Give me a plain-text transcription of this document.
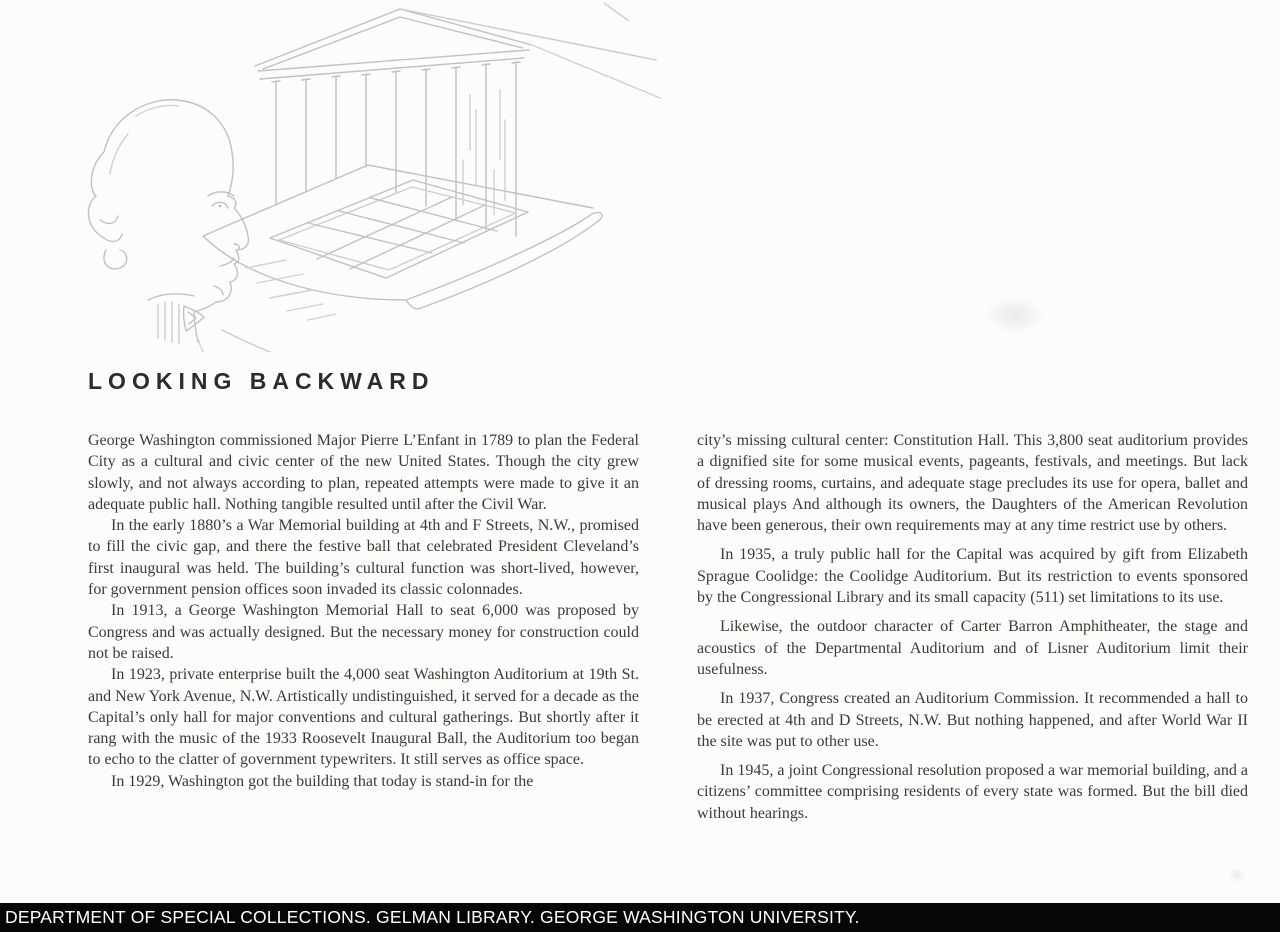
LOOKING BACKWARD

George Washington commissioned Major Pierre L’Enfant in 1789 to plan the Federal City as a cultural and civic center of the new United States. Though the city grew slowly, and not always according to plan, repeated attempts were made to give it an adequate public hall. Nothing tangible resulted until after the Civil War.

In the early 1880’s a War Memorial building at 4th and F Streets, N.W., promised to fill the civic gap, and there the festive ball that celebrated President Cleveland’s first inaugural was held. The building’s cultural function was short-lived, however, for government pension offices soon invaded its classic colonnades.

In 1913, a George Washington Memorial Hall to seat 6,000 was proposed by Congress and was actually designed. But the necessary money for construction could not be raised.

In 1923, private enterprise built the 4,000 seat Washington Auditorium at 19th St. and New York Avenue, N.W. Artistically undistinguished, it served for a decade as the Capital’s only hall for major conventions and cultural gatherings. But shortly after it rang with the music of the 1933 Roosevelt Inaugural Ball, the Auditorium too began to echo to the clatter of government typewriters. It still serves as office space.

In 1929, Washington got the building that today is stand-in for the

city’s missing cultural center: Constitution Hall. This 3,800 seat auditorium provides a dignified site for some musical events, pageants, festivals, and meetings. But lack of dressing rooms, curtains, and adequate stage precludes its use for opera, ballet and musical plays And although its owners, the Daughters of the American Revolution have been generous, their own requirements may at any time restrict use by others.

In 1935, a truly public hall for the Capital was acquired by gift from Elizabeth Sprague Coolidge: the Coolidge Auditorium. But its restriction to events sponsored by the Congressional Library and its small capacity (511) set limitations to its use.

Likewise, the outdoor character of Carter Barron Amphitheater, the stage and acoustics of the Departmental Auditorium and of Lisner Auditorium limit their usefulness.

In 1937, Congress created an Auditorium Commission. It recommended a hall to be erected at 4th and D Streets, N.W. But nothing happened, and after World War II the site was put to other use.

In 1945, a joint Congressional resolution proposed a war memorial building, and a citizens’ committee comprising residents of every state was formed. But the bill died without hearings.

DEPARTMENT OF SPECIAL COLLECTIONS. GELMAN LIBRARY. GEORGE WASHINGTON UNIVERSITY.
